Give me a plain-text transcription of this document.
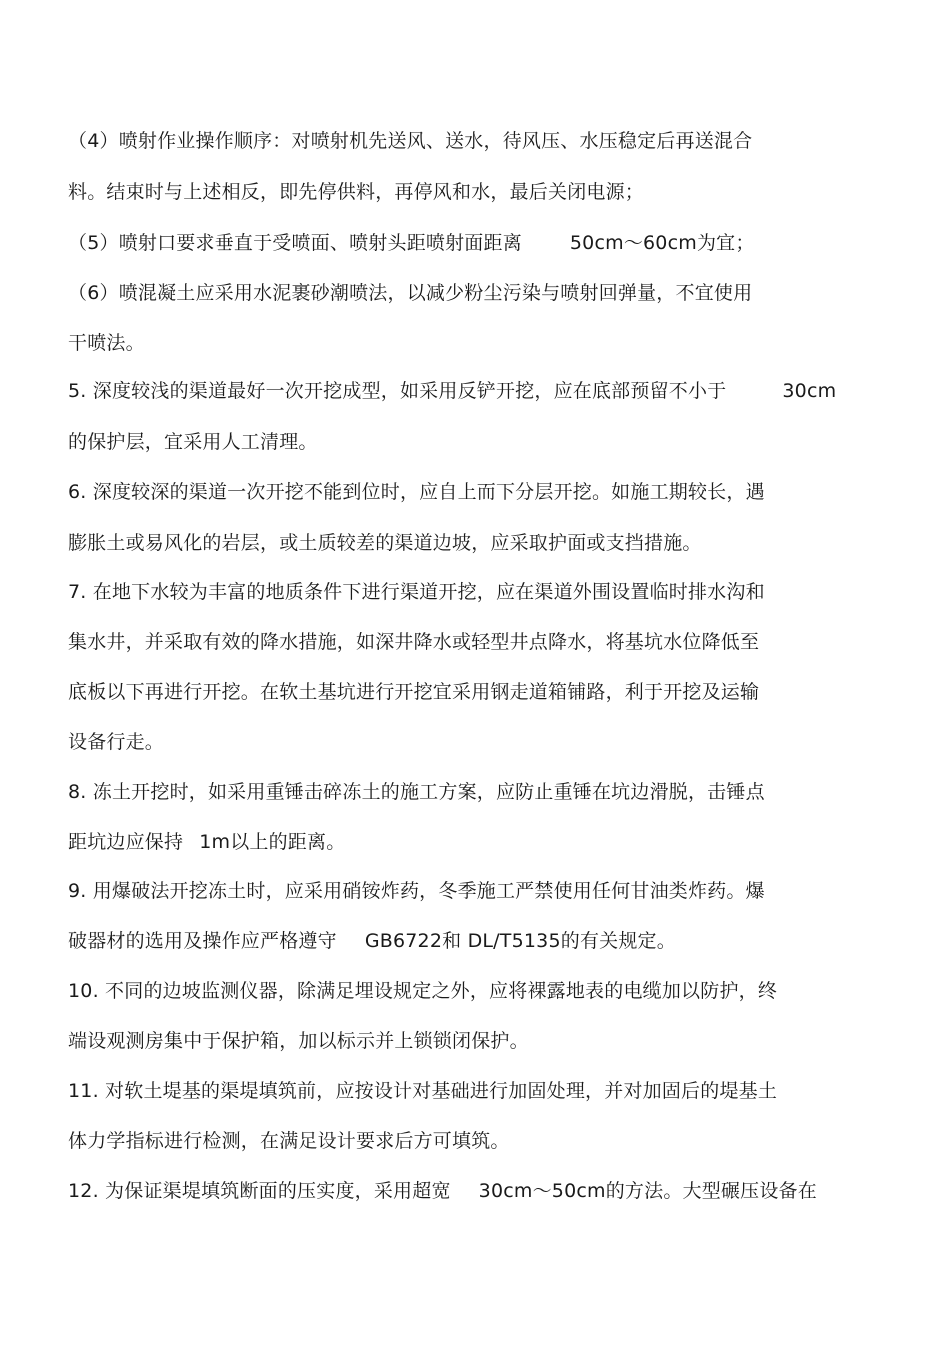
（4）喷射作业操作顺序：对喷射机先送风、送水，待风压、水压稳定后再送混合
料。结束时与上述相反，即先停供料，再停风和水，最后关闭电源；
（5）喷射口要求垂直于受喷面、喷射头距喷射面距离	50cm～60cm为宜；
（6）喷混凝土应采用水泥裹砂潮喷法，以减少粉尘污染与喷射回弹量，不宜使用
干喷法。
5. 深度较浅的渠道最好一次开挖成型，如采用反铲开挖，应在底部预留不小于	30cm
的保护层，宜采用人工清理。
6. 深度较深的渠道一次开挖不能到位时，应自上而下分层开挖。如施工期较长，遇
膨胀土或易风化的岩层，或土质较差的渠道边坡，应采取护面或支挡措施。
7. 在地下水较为丰富的地质条件下进行渠道开挖，应在渠道外围设置临时排水沟和
集水井，并采取有效的降水措施，如深井降水或轻型井点降水，将基坑水位降低至
底板以下再进行开挖。在软土基坑进行开挖宜采用钢走道箱铺路，利于开挖及运输
设备行走。
8. 冻土开挖时，如采用重锤击碎冻土的施工方案，应防止重锤在坑边滑脱，击锤点
距坑边应保持 1m以上的距离。
9. 用爆破法开挖冻土时，应采用硝铵炸药，冬季施工严禁使用任何甘油类炸药。爆
破器材的选用及操作应严格遵守 GB6722和 DL/T5135的有关规定。
10. 不同的边坡监测仪器，除满足埋设规定之外，应将裸露地表的电缆加以防护，终
端设观测房集中于保护箱，加以标示并上锁锁闭保护。
11. 对软土堤基的渠堤填筑前，应按设计对基础进行加固处理，并对加固后的堤基土
体力学指标进行检测，在满足设计要求后方可填筑。
12. 为保证渠堤填筑断面的压实度，采用超宽 30cm～50cm的方法。大型碾压设备在
